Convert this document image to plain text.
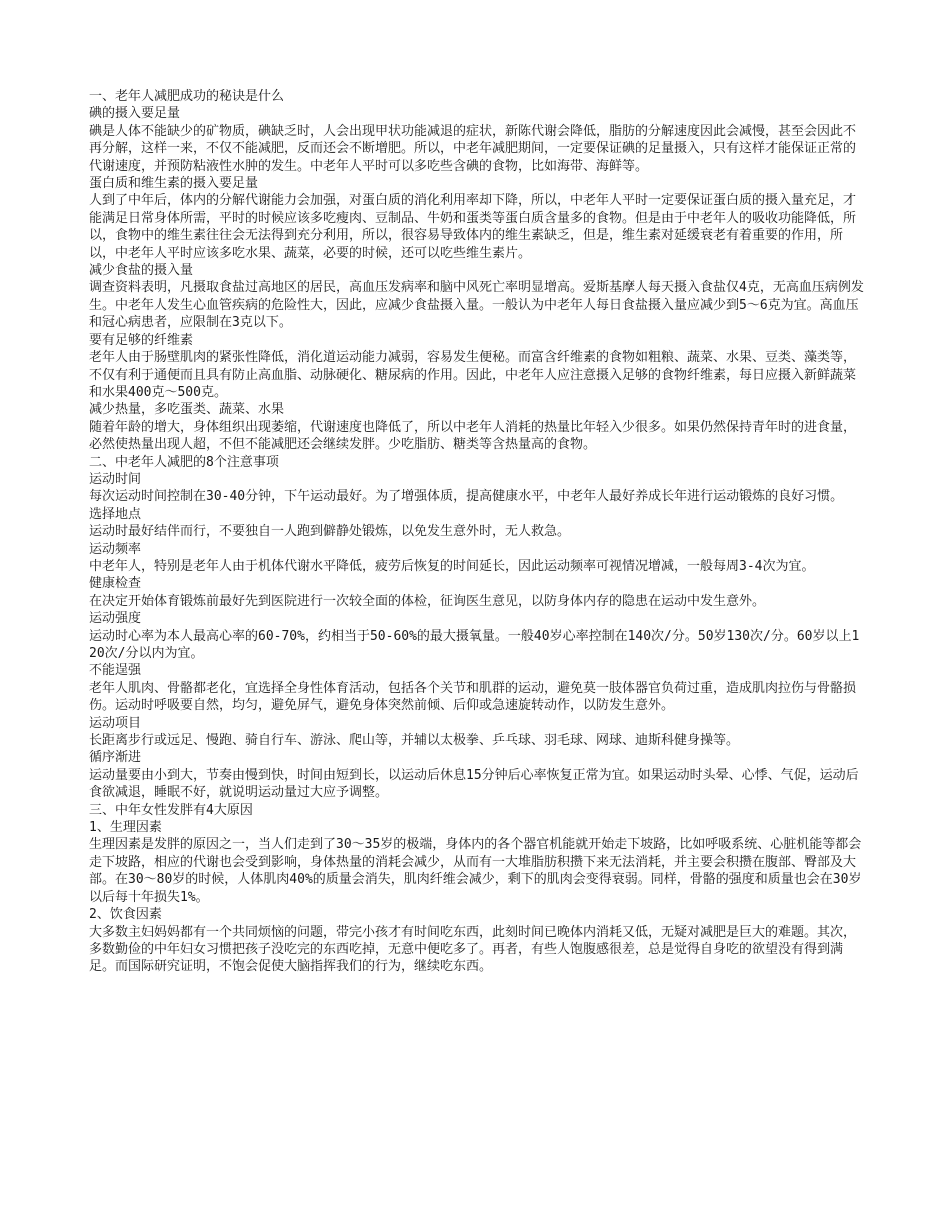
一、老年人减肥成功的秘诀是什么
碘的摄入要足量
碘是人体不能缺少的矿物质，碘缺乏时，人会出现甲状功能减退的症状，新陈代谢会降低，脂肪的分解速度因此会减慢，甚至会因此不再分解，这样一来，不仅不能减肥，反而还会不断增肥。所以，中老年减肥期间，一定要保证碘的足量摄入，只有这样才能保证正常的代谢速度，并预防粘液性水肿的发生。中老年人平时可以多吃些含碘的食物，比如海带、海鲜等。
蛋白质和维生素的摄入要足量
人到了中年后，体内的分解代谢能力会加强，对蛋白质的消化利用率却下降，所以，中老年人平时一定要保证蛋白质的摄入量充足，才能满足日常身体所需，平时的时候应该多吃瘦肉、豆制品、牛奶和蛋类等蛋白质含量多的食物。但是由于中老年人的吸收功能降低，所以，食物中的维生素往往会无法得到充分利用，所以，很容易导致体内的维生素缺乏，但是，维生素对延缓衰老有着重要的作用，所以，中老年人平时应该多吃水果、蔬菜，必要的时候，还可以吃些维生素片。
减少食盐的摄入量
调查资料表明，凡摄取食盐过高地区的居民，高血压发病率和脑中风死亡率明显增高。爱斯基摩人每天摄入食盐仅4克，无高血压病例发生。中老年人发生心血管疾病的危险性大，因此，应减少食盐摄入量。一般认为中老年人每日食盐摄入量应减少到5～6克为宜。高血压和冠心病患者，应限制在3克以下。
要有足够的纤维素
老年人由于肠壁肌肉的紧张性降低，消化道运动能力减弱，容易发生便秘。而富含纤维素的食物如粗粮、蔬菜、水果、豆类、藻类等，不仅有利于通便而且具有防止高血脂、动脉硬化、糖尿病的作用。因此，中老年人应注意摄入足够的食物纤维素，每日应摄入新鲜蔬菜和水果400克～500克。
减少热量，多吃蛋类、蔬菜、水果
随着年龄的增大，身体组织出现萎缩，代谢速度也降低了，所以中老年人消耗的热量比年轻入少很多。如果仍然保持青年时的进食量，必然使热量出现人超，不但不能减肥还会继续发胖。少吃脂肪、糖类等含热量高的食物。
二、中老年人减肥的8个注意事项
运动时间
每次运动时间控制在30-40分钟，下午运动最好。为了增强体质，提高健康水平，中老年人最好养成长年进行运动锻炼的良好习惯。
选择地点
运动时最好结伴而行，不要独自一人跑到僻静处锻炼，以免发生意外时，无人救急。
运动频率
中老年人，特别是老年人由于机体代谢水平降低，疲劳后恢复的时间延长，因此运动频率可视情况增减，一般每周3-4次为宜。
健康检查
在决定开始体育锻炼前最好先到医院进行一次较全面的体检，征询医生意见，以防身体内存的隐患在运动中发生意外。
运动强度
运动时心率为本人最高心率的60-70%，约相当于50-60%的最大摄氧量。一般40岁心率控制在140次/分。50岁130次/分。60岁以上120次/分以内为宜。
不能逞强
老年人肌肉、骨骼都老化，宜选择全身性体育活动，包括各个关节和肌群的运动，避免莫一肢体器官负荷过重，造成肌肉拉伤与骨骼损伤。运动时呼吸要自然，均匀，避免屏气，避免身体突然前倾、后仰或急速旋转动作，以防发生意外。
运动项目
长距离步行或远足、慢跑、骑自行车、游泳、爬山等，并辅以太极拳、乒乓球、羽毛球、网球、迪斯科健身操等。
循序渐进
运动量要由小到大，节奏由慢到快，时间由短到长，以运动后休息15分钟后心率恢复正常为宜。如果运动时头晕、心悸、气促，运动后食欲减退，睡眠不好，就说明运动量过大应予调整。
三、中年女性发胖有4大原因
1、生理因素
生理因素是发胖的原因之一，当人们走到了30～35岁的极端，身体内的各个器官机能就开始走下坡路，比如呼吸系统、心脏机能等都会走下坡路，相应的代谢也会受到影响，身体热量的消耗会减少，从而有一大堆脂肪积攒下来无法消耗，并主要会积攒在腹部、臀部及大部。在30～80岁的时候，人体肌肉40%的质量会消失，肌肉纤维会减少，剩下的肌肉会变得衰弱。同样，骨骼的强度和质量也会在30岁以后每十年损失1%。
2、饮食因素
大多数主妇妈妈都有一个共同烦恼的问题，带完小孩才有时间吃东西，此刻时间已晚体内消耗又低，无疑对减肥是巨大的难题。其次，多数勤俭的中年妇女习惯把孩子没吃完的东西吃掉，无意中便吃多了。再者，有些人饱腹感很差，总是觉得自身吃的欲望没有得到满足。而国际研究证明，不饱会促使大脑指挥我们的行为，继续吃东西。
